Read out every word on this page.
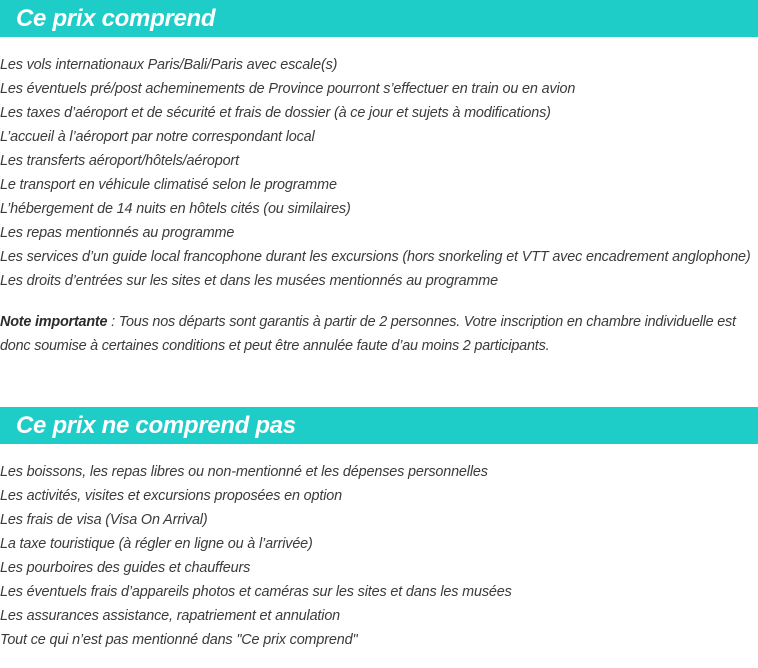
Ce prix comprend
Les vols internationaux Paris/Bali/Paris avec escale(s)
Les éventuels pré/post acheminements de Province pourront s’effectuer en train ou en avion
Les taxes d’aéroport et de sécurité et frais de dossier (à ce jour et sujets à modifications)
L’accueil à l’aéroport par notre correspondant local
Les transferts aéroport/hôtels/aéroport
Le transport en véhicule climatisé selon le programme
L’hébergement de 14 nuits en hôtels cités (ou similaires)
Les repas mentionnés au programme
Les services d’un guide local francophone durant les excursions (hors snorkeling et VTT avec encadrement anglophone)
Les droits d’entrées sur les sites et dans les musées mentionnés au programme

Note importante : Tous nos départs sont garantis à partir de 2 personnes. Votre inscription en chambre individuelle est donc soumise à certaines conditions et peut être annulée faute d’au moins 2 participants.

Ce prix ne comprend pas
Les boissons, les repas libres ou non-mentionné et les dépenses personnelles
Les activités, visites et excursions proposées en option
Les frais de visa (Visa On Arrival)
La taxe touristique (à régler en ligne ou à l’arrivée)
Les pourboires des guides et chauffeurs
Les éventuels frais d’appareils photos et caméras sur les sites et dans les musées
Les assurances assistance, rapatriement et annulation
Tout ce qui n’est pas mentionné dans "Ce prix comprend"
